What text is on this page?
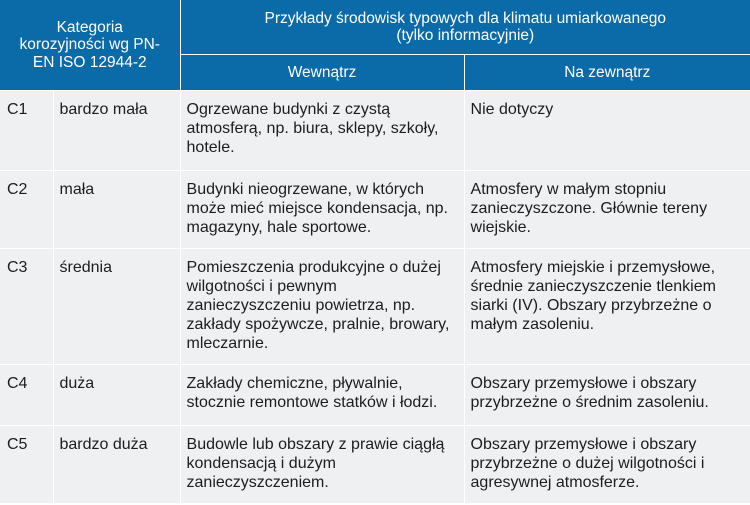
Kategoria korozyjności wg PN-EN ISO 12944-2		Przykłady środowisk typowych dla klimatu umiarkowanego
(tylko informacyjnie)	

		Wewnątrz	Na zewnątrz
C1	bardzo mała	Ogrzewane budynki z czystą atmosferą, np. biura, sklepy, szkoły, hotele.	Nie dotyczy
C2	mała	Budynki nieogrzewane, w których może mieć miejsce kondensacja, np. magazyny, hale sportowe.	Atmosfery w małym stopniu zanieczyszczone. Głównie tereny wiejskie.
C3	średnia	Pomieszczenia produkcyjne o dużej wilgotności i pewnym zanieczyszczeniu powietrza, np. zakłady spożywcze, pralnie, browary, mleczarnie.	Atmosfery miejskie i przemysłowe, średnie zanieczyszczenie tlenkiem siarki (IV). Obszary przybrzeżne o małym zasoleniu.
C4	duża	Zakłady chemiczne, pływalnie, stocznie remontowe statków i łodzi.	Obszary przemysłowe i obszary przybrzeżne o średnim zasoleniu.
C5	bardzo duża	Budowle lub obszary z prawie ciągłą kondensacją i dużym zanieczyszczeniem.	Obszary przemysłowe i obszary przybrzeżne o dużej wilgotności i agresywnej atmosferze.
